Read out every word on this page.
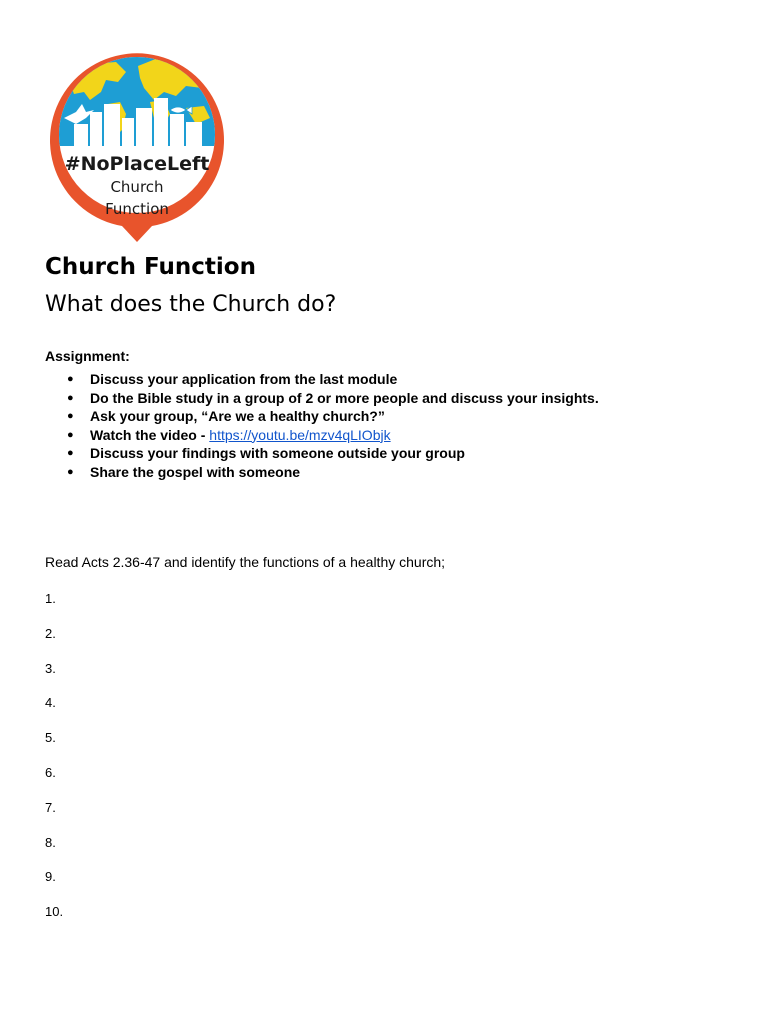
#NoPlaceLeft
Church
Function
Church Function
What does the Church do?
Assignment:
● Discuss your application from the last module
● Do the Bible study in a group of 2 or more people and discuss your insights.
● Ask your group, “Are we a healthy church?”
● Watch the video - https://youtu.be/mzv4qLIObjk
● Discuss your findings with someone outside your group
● Share the gospel with someone
Read Acts 2.36-47 and identify the functions of a healthy church;
1.
2.
3.
4.
5.
6.
7.
8.
9.
10.
